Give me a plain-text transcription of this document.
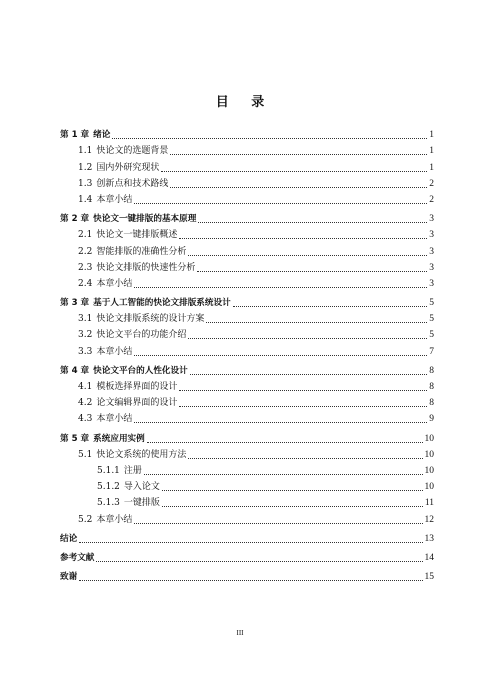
目 录
第 1 章 绪论	1
1.1 快论文的选题背景	1
1.2 国内外研究现状	1
1.3 创新点和技术路线	2
1.4 本章小结	2
第 2 章 快论文一键排版的基本原理	3
2.1 快论文一键排版概述	3
2.2 智能排版的准确性分析	3
2.3 快论文排版的快速性分析	3
2.4 本章小结	3
第 3 章 基于人工智能的快论文排版系统设计	5
3.1 快论文排版系统的设计方案	5
3.2 快论文平台的功能介绍	5
3.3 本章小结	7
第 4 章 快论文平台的人性化设计	8
4.1 模板选择界面的设计	8
4.2 论文编辑界面的设计	8
4.3 本章小结	9
第 5 章 系统应用实例	10
5.1 快论文系统的使用方法	10
5.1.1 注册	10
5.1.2 导入论文	10
5.1.3 一键排版	11
5.2 本章小结	12
结论	13
参考文献	14
致谢	15
III
